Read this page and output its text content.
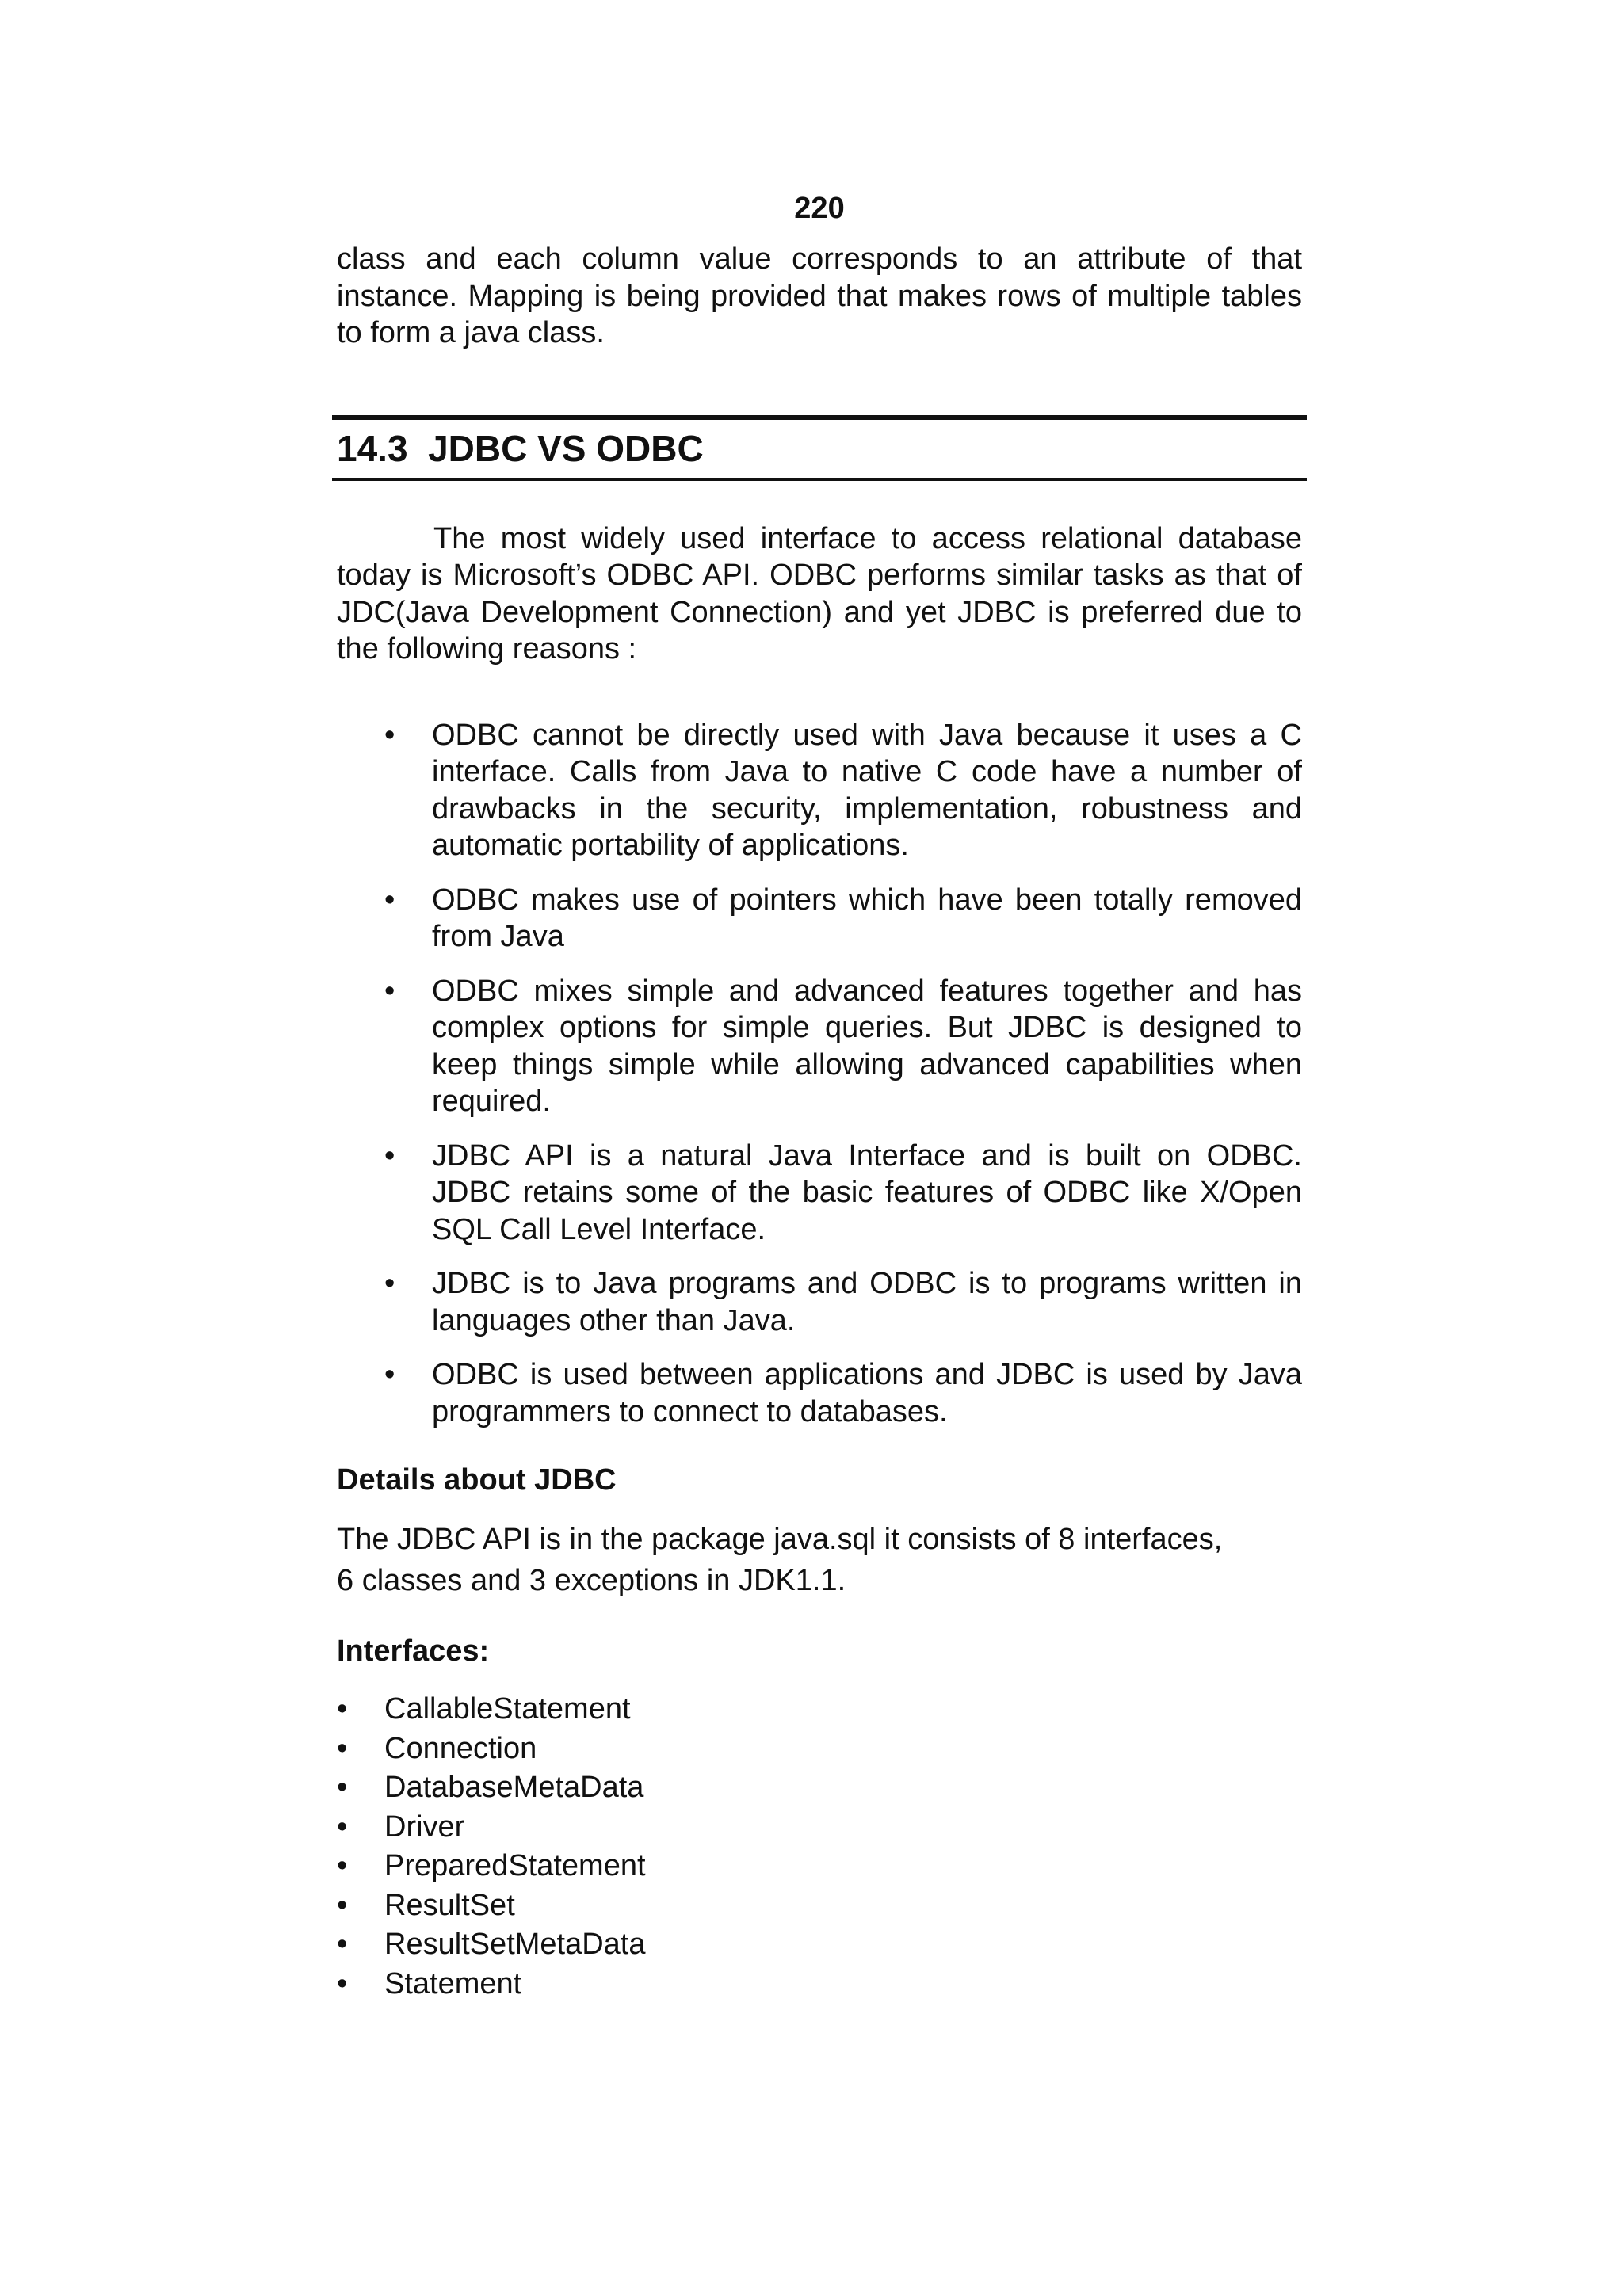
220

class and each column value corresponds to an attribute of that instance. Mapping is being provided that makes rows of multiple tables to form a java class.

14.3 JDBC VS ODBC

The most widely used interface to access relational database today is Microsoft’s ODBC API. ODBC performs similar tasks as that of JDC(Java Development Connection) and yet JDBC is preferred due to the following reasons :

• ODBC cannot be directly used with Java because it uses a C interface. Calls from Java to native C code have a number of drawbacks in the security, implementation, robustness and automatic portability of applications.
• ODBC makes use of pointers which have been totally removed from Java
• ODBC mixes simple and advanced features together and has complex options for simple queries. But JDBC is designed to keep things simple while allowing advanced capabilities when required.
• JDBC API is a natural Java Interface and is built on ODBC. JDBC retains some of the basic features of ODBC like X/Open SQL Call Level Interface.
• JDBC is to Java programs and ODBC is to programs written in languages other than Java.
• ODBC is used between applications and JDBC is used by Java programmers to connect to databases.
Details about JDBC

The JDBC API is in the package java.sql it consists of 8 interfaces,
6 classes and 3 exceptions in JDK1.1.

Interfaces:
• CallableStatement
• Connection
• DatabaseMetaData
• Driver
• PreparedStatement
• ResultSet
• ResultSetMetaData
• Statement
